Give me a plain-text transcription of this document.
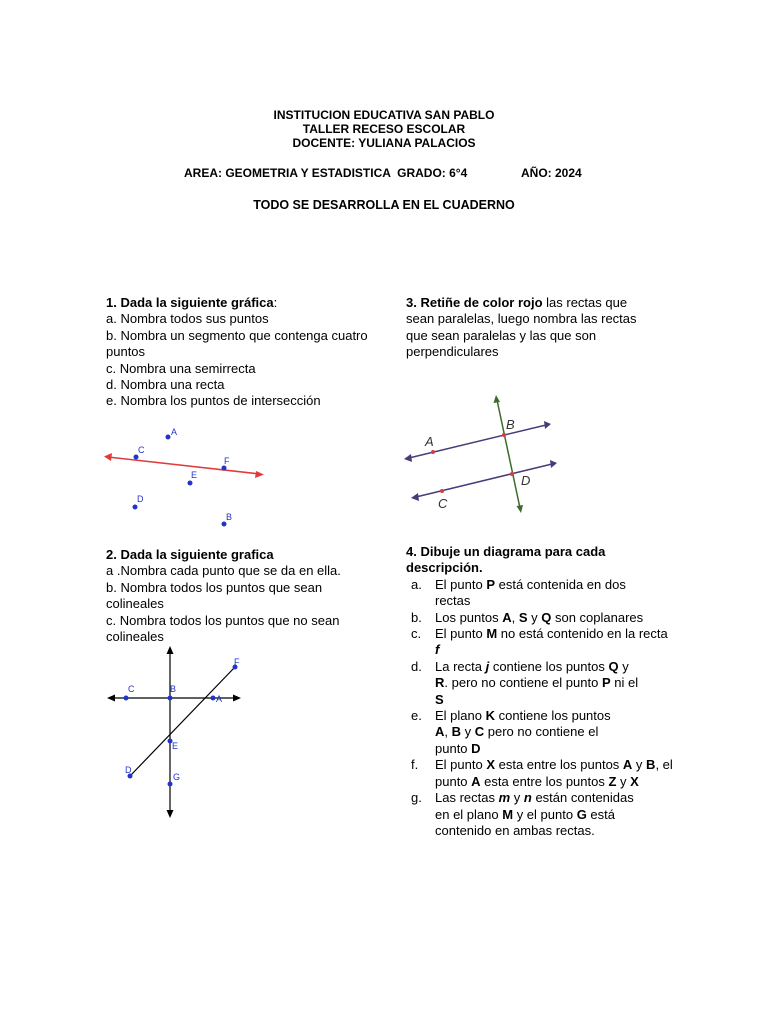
INSTITUCION EDUCATIVA SAN PABLO
TALLER RECESO ESCOLAR
DOCENTE: YULIANA PALACIOS
AREA: GEOMETRIA Y ESTADISTICA  GRADO: 6°4	AÑO: 2024
TODO SE DESARROLLA EN EL CUADERNO
1. Dada la siguiente gráfica:
a. Nombra todos sus puntos
b. Nombra un segmento que contenga cuatro puntos
c. Nombra una semirrecta
d. Nombra una recta
e. Nombra los puntos de intersección
A
C
F
E
D
B
2. Dada la siguiente grafica
a .Nombra cada punto que se da en ella.
b. Nombra todos los puntos que sean colineales
c. Nombra todos los puntos que no sean colineales
C	B
A
E
D
G
F
3. Retiñe de color rojo las rectas que sean paralelas, luego nombra las rectas que sean paralelas y las que son perpendiculares
A
B
C
D
4. Dibuje un diagrama para cada descripción.
a. El punto P está contenida en dos rectas
b. Los puntos A, S y Q son coplanares
c. El punto M no está contenido en la recta f
d. La recta j contiene los puntos Q y R. pero no contiene el punto P ni el S
e. El plano K contiene los puntos A, B y C pero no contiene el punto D
f. El punto X esta entre los puntos A y B, el punto A esta entre los puntos Z y X
g. Las rectas m y n están contenidas en el plano M y el punto G está contenido en ambas rectas.
